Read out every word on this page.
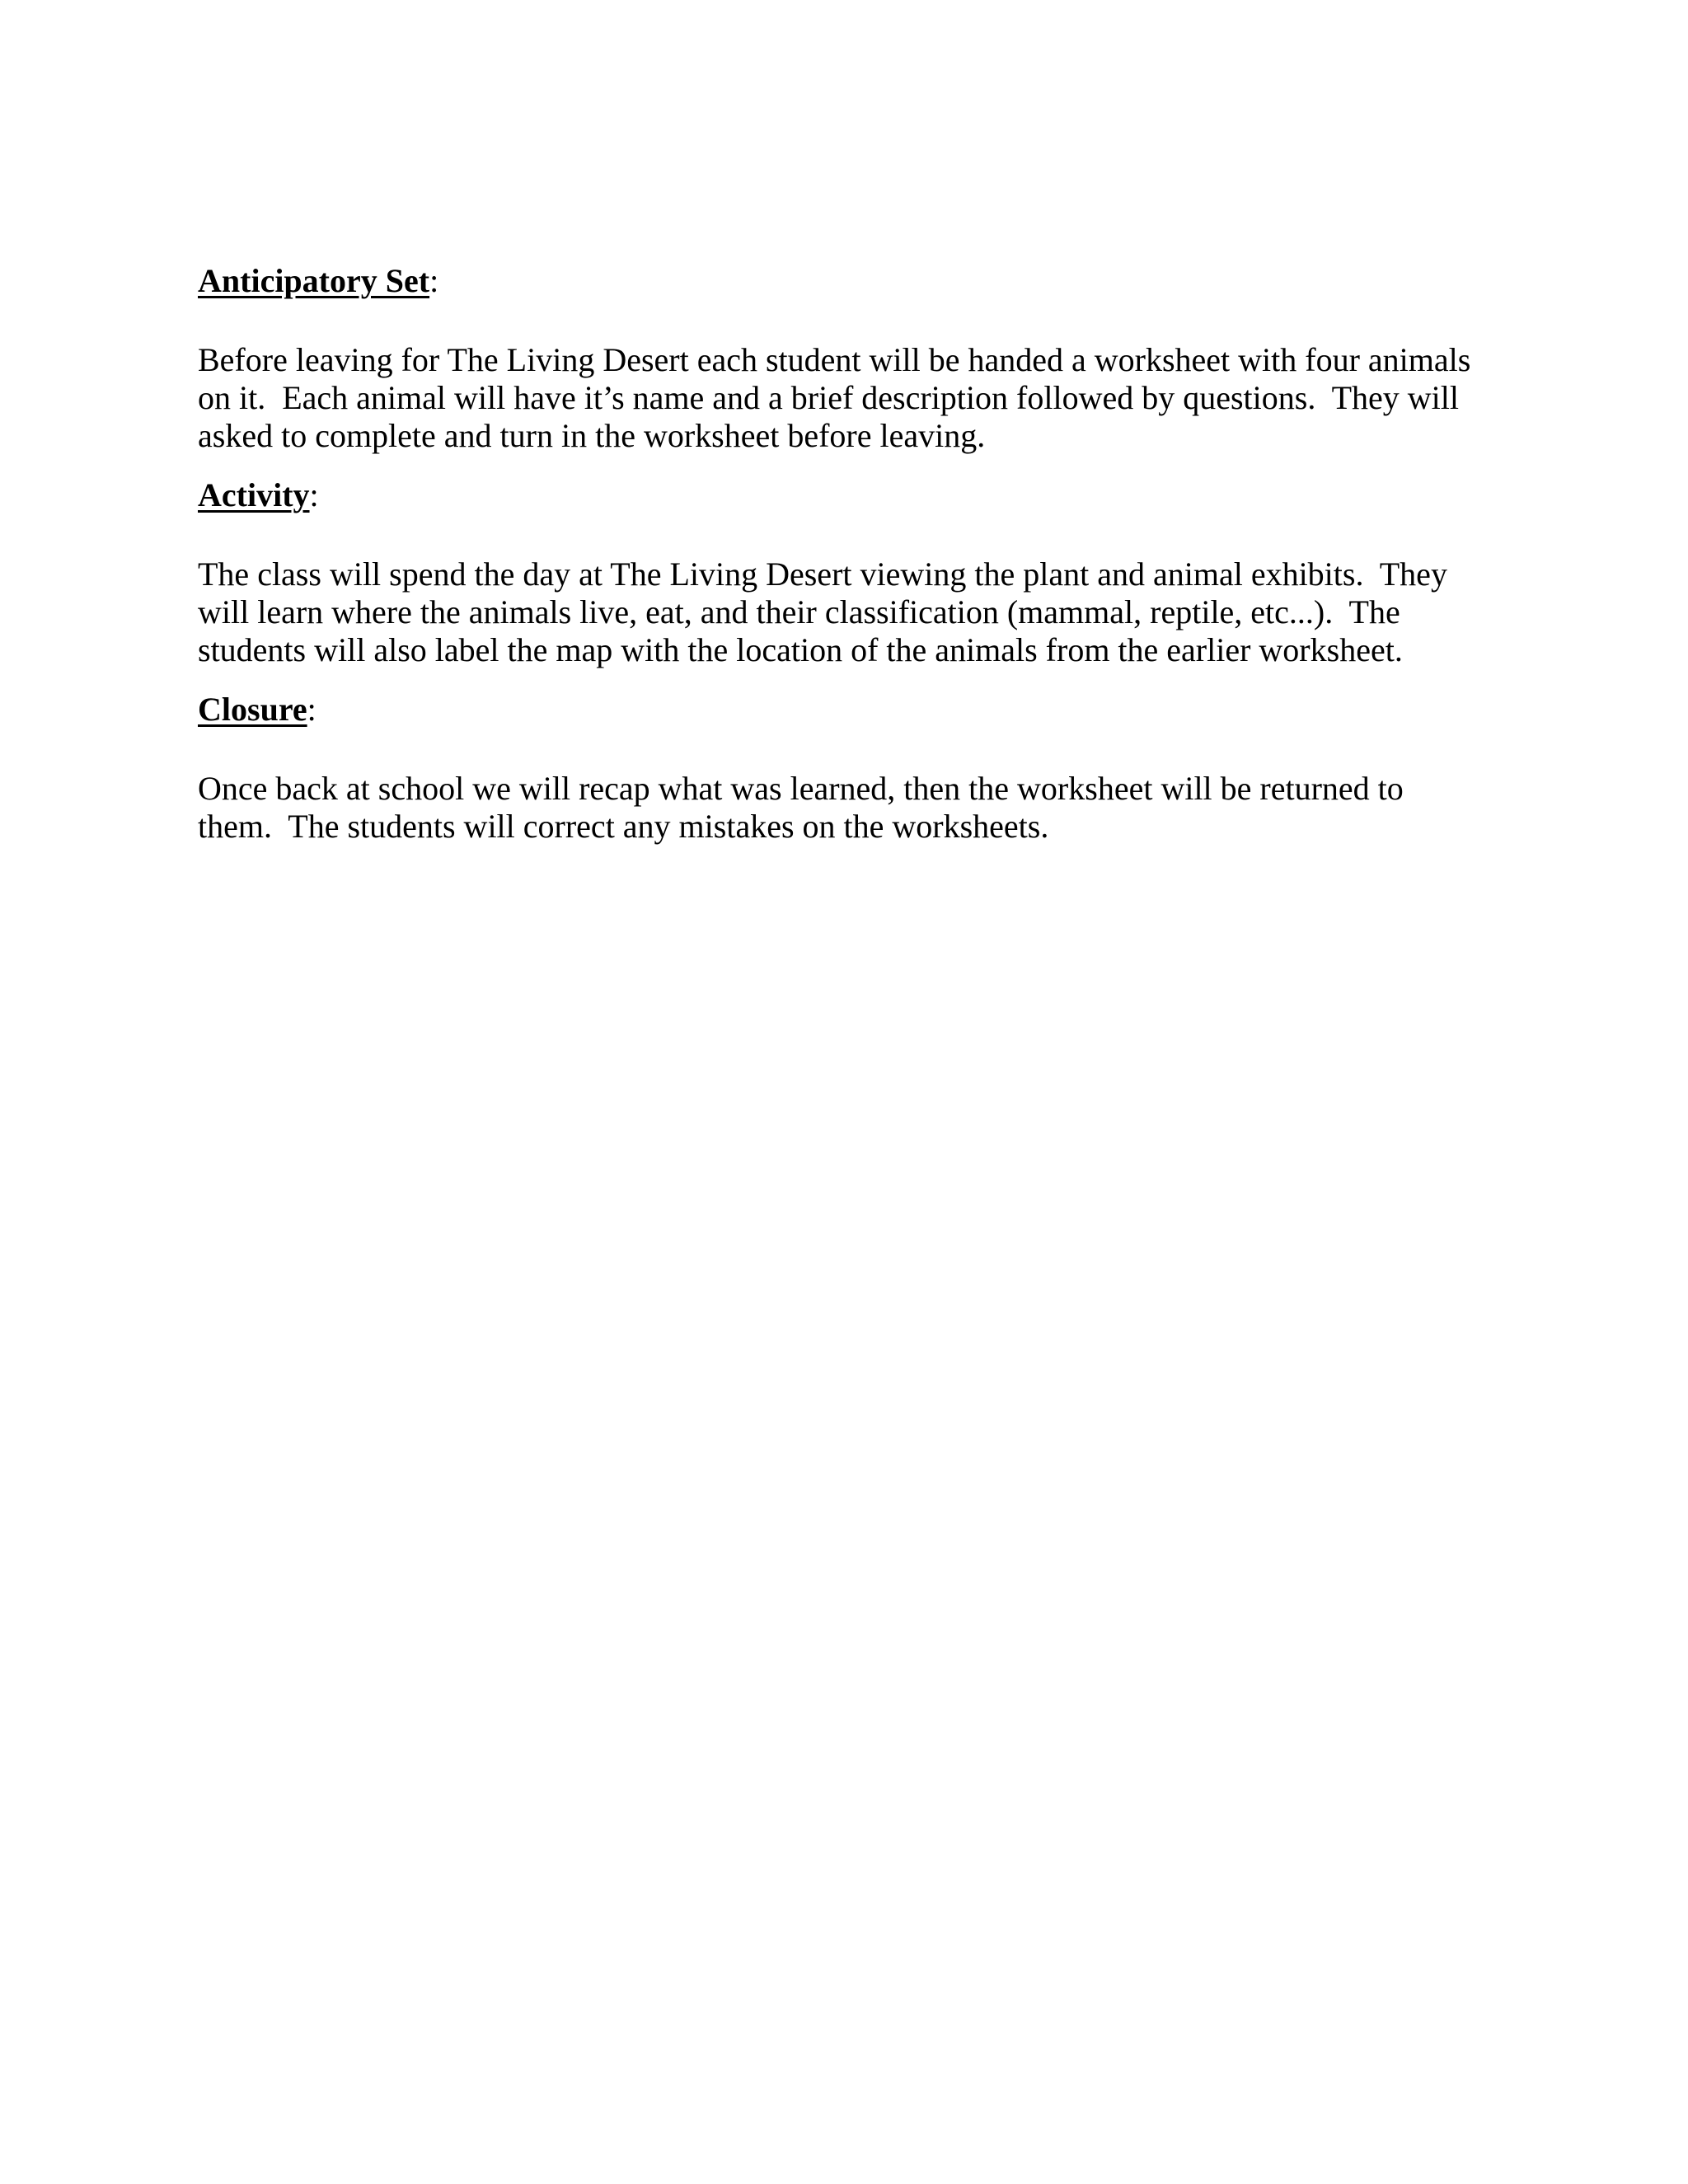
Anticipatory Set:

Before leaving for The Living Desert each student will be handed a worksheet with four animals
on it.  Each animal will have it’s name and a brief description followed by questions.  They will
asked to complete and turn in the worksheet before leaving.

Activity:

The class will spend the day at The Living Desert viewing the plant and animal exhibits.  They
will learn where the animals live, eat, and their classification (mammal, reptile, etc...).  The
students will also label the map with the location of the animals from the earlier worksheet.

Closure:

Once back at school we will recap what was learned, then the worksheet will be returned to
them.  The students will correct any mistakes on the worksheets.
